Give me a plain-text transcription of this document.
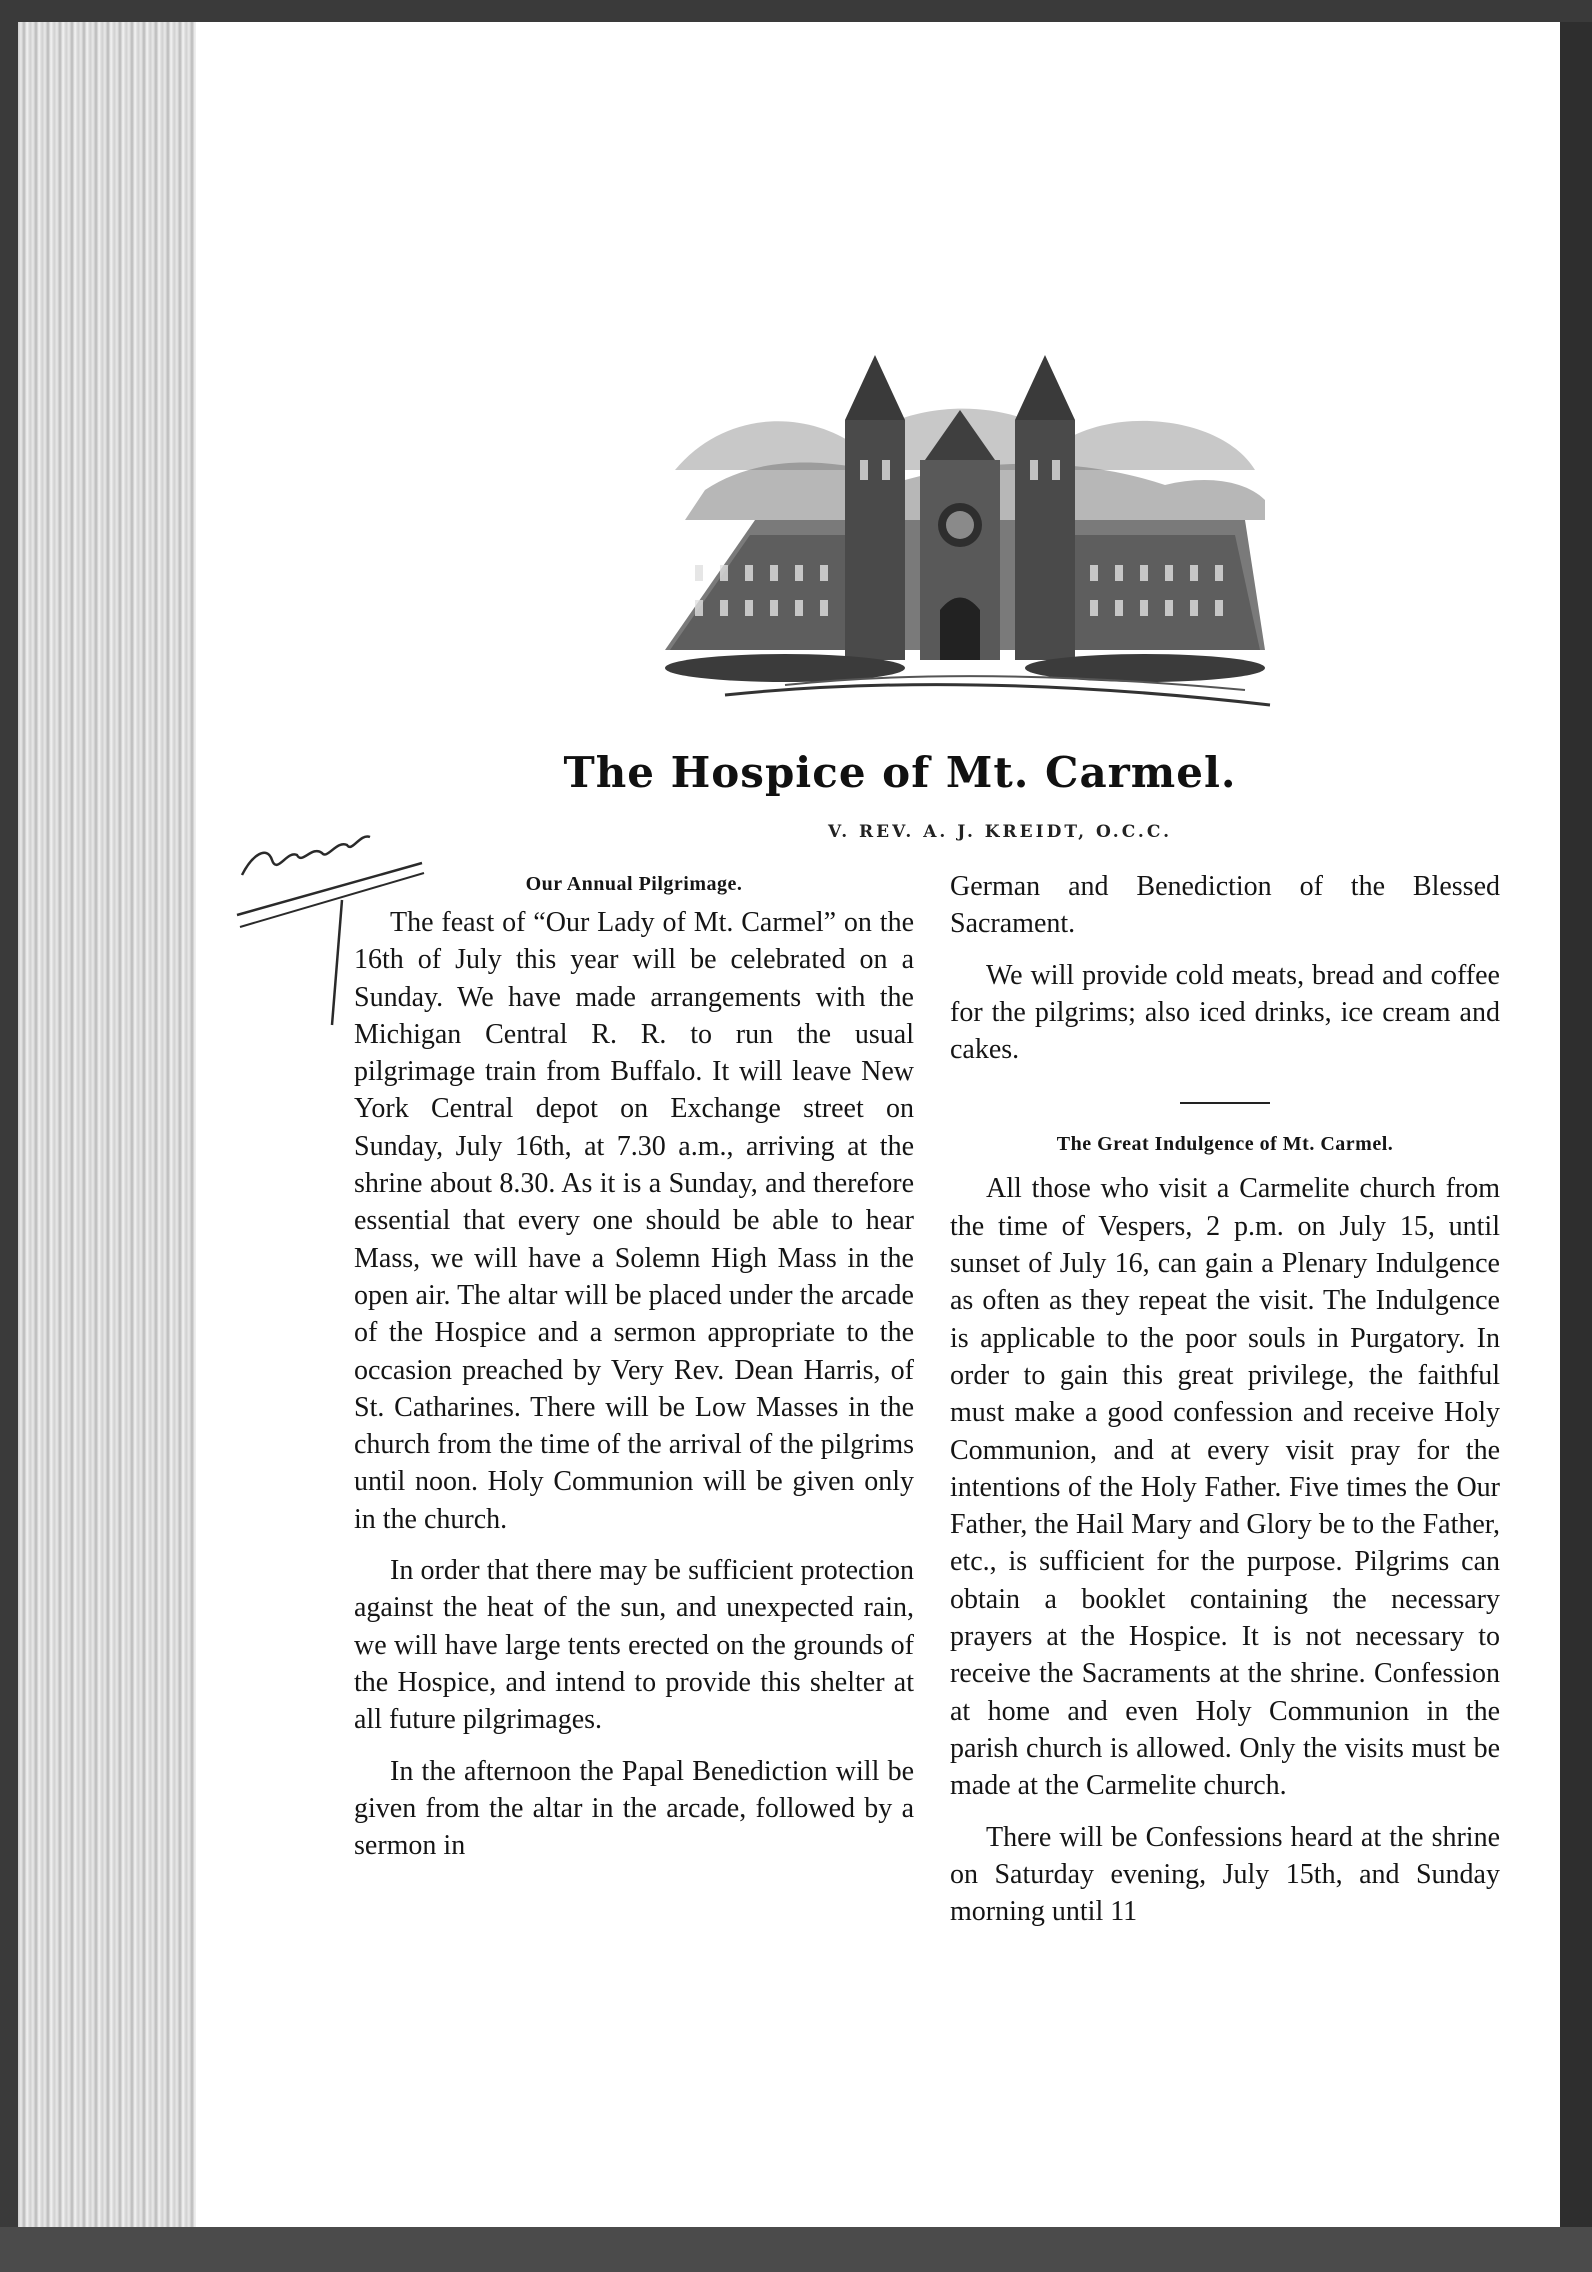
The Hospice of Mt. Carmel.
V. REV. A. J. KREIDT, O.C.C.
Our Annual Pilgrimage.

The feast of “Our Lady of Mt. Carmel” on the 16th of July this year will be celebrated on a Sunday. We have made arrangements with the Michigan Central R. R. to run the usual pilgrimage train from Buffalo. It will leave New York Central depot on Exchange street on Sunday, July 16th, at 7.30 a.m., arriving at the shrine about 8.30. As it is a Sunday, and therefore essential that every one should be able to hear Mass, we will have a Solemn High Mass in the open air. The altar will be placed under the arcade of the Hospice and a sermon appropriate to the occasion preached by Very Rev. Dean Harris, of St. Catharines. There will be Low Masses in the church from the time of the arrival of the pilgrims until noon. Holy Communion will be given only in the church.

In order that there may be sufficient protection against the heat of the sun, and unexpected rain, we will have large tents erected on the grounds of the Hospice, and intend to provide this shelter at all future pilgrimages.

In the afternoon the Papal Benediction will be given from the altar in the arcade, followed by a sermon in

German and Benediction of the Blessed Sacrament.

We will provide cold meats, bread and coffee for the pilgrims; also iced drinks, ice cream and cakes.

The Great Indulgence of Mt. Carmel.

All those who visit a Carmelite church from the time of Vespers, 2 p.m. on July 15, until sunset of July 16, can gain a Plenary Indulgence as often as they repeat the visit. The Indulgence is applicable to the poor souls in Purgatory. In order to gain this great privilege, the faithful must make a good confession and receive Holy Communion, and at every visit pray for the intentions of the Holy Father. Five times the Our Father, the Hail Mary and Glory be to the Father, etc., is sufficient for the purpose. Pilgrims can obtain a booklet containing the necessary prayers at the Hospice. It is not necessary to receive the Sacraments at the shrine. Confession at home and even Holy Communion in the parish church is allowed. Only the visits must be made at the Carmelite church.

There will be Confessions heard at the shrine on Saturday evening, July 15th, and Sunday morning until 11
